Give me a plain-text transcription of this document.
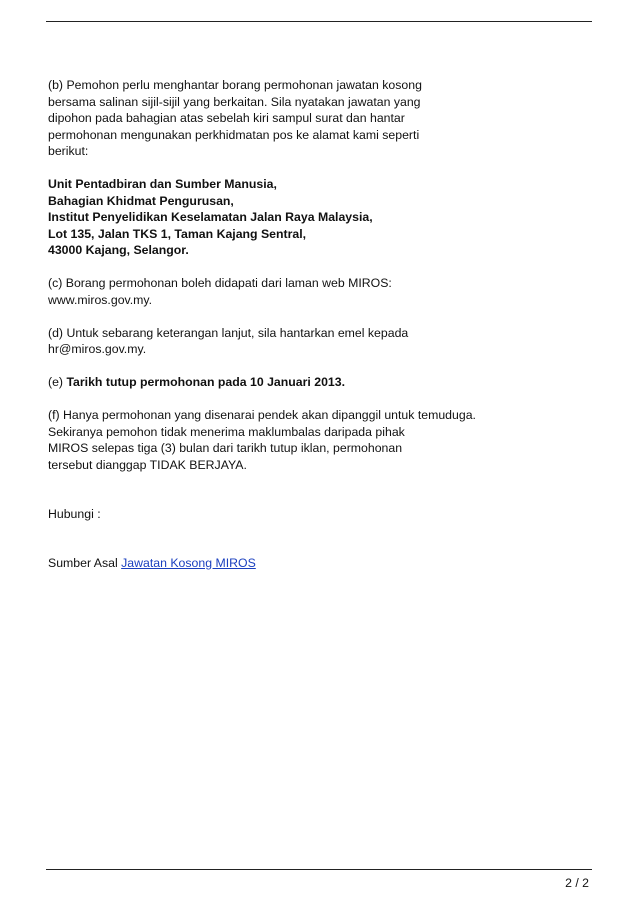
(b) Pemohon perlu menghantar borang permohonan jawatan kosong
bersama salinan sijil-sijil yang berkaitan. Sila nyatakan jawatan yang
dipohon pada bahagian atas sebelah kiri sampul surat dan hantar
permohonan mengunakan perkhidmatan pos ke alamat kami seperti
berikut:

Unit Pentadbiran dan Sumber Manusia,
Bahagian Khidmat Pengurusan,
Institut Penyelidikan Keselamatan Jalan Raya Malaysia,
Lot 135, Jalan TKS 1, Taman Kajang Sentral,
43000 Kajang, Selangor.

(c) Borang permohonan boleh didapati dari laman web MIROS:
www.miros.gov.my.

(d) Untuk sebarang keterangan lanjut, sila hantarkan emel kepada
hr@miros.gov.my.

(e) Tarikh tutup permohonan pada 10 Januari 2013.

(f) Hanya permohonan yang disenarai pendek akan dipanggil untuk temuduga.
Sekiranya pemohon tidak menerima maklumbalas daripada pihak
MIROS selepas tiga (3) bulan dari tarikh tutup iklan, permohonan
tersebut dianggap TIDAK BERJAYA.

Hubungi :

Sumber Asal Jawatan Kosong MIROS

2 / 2
